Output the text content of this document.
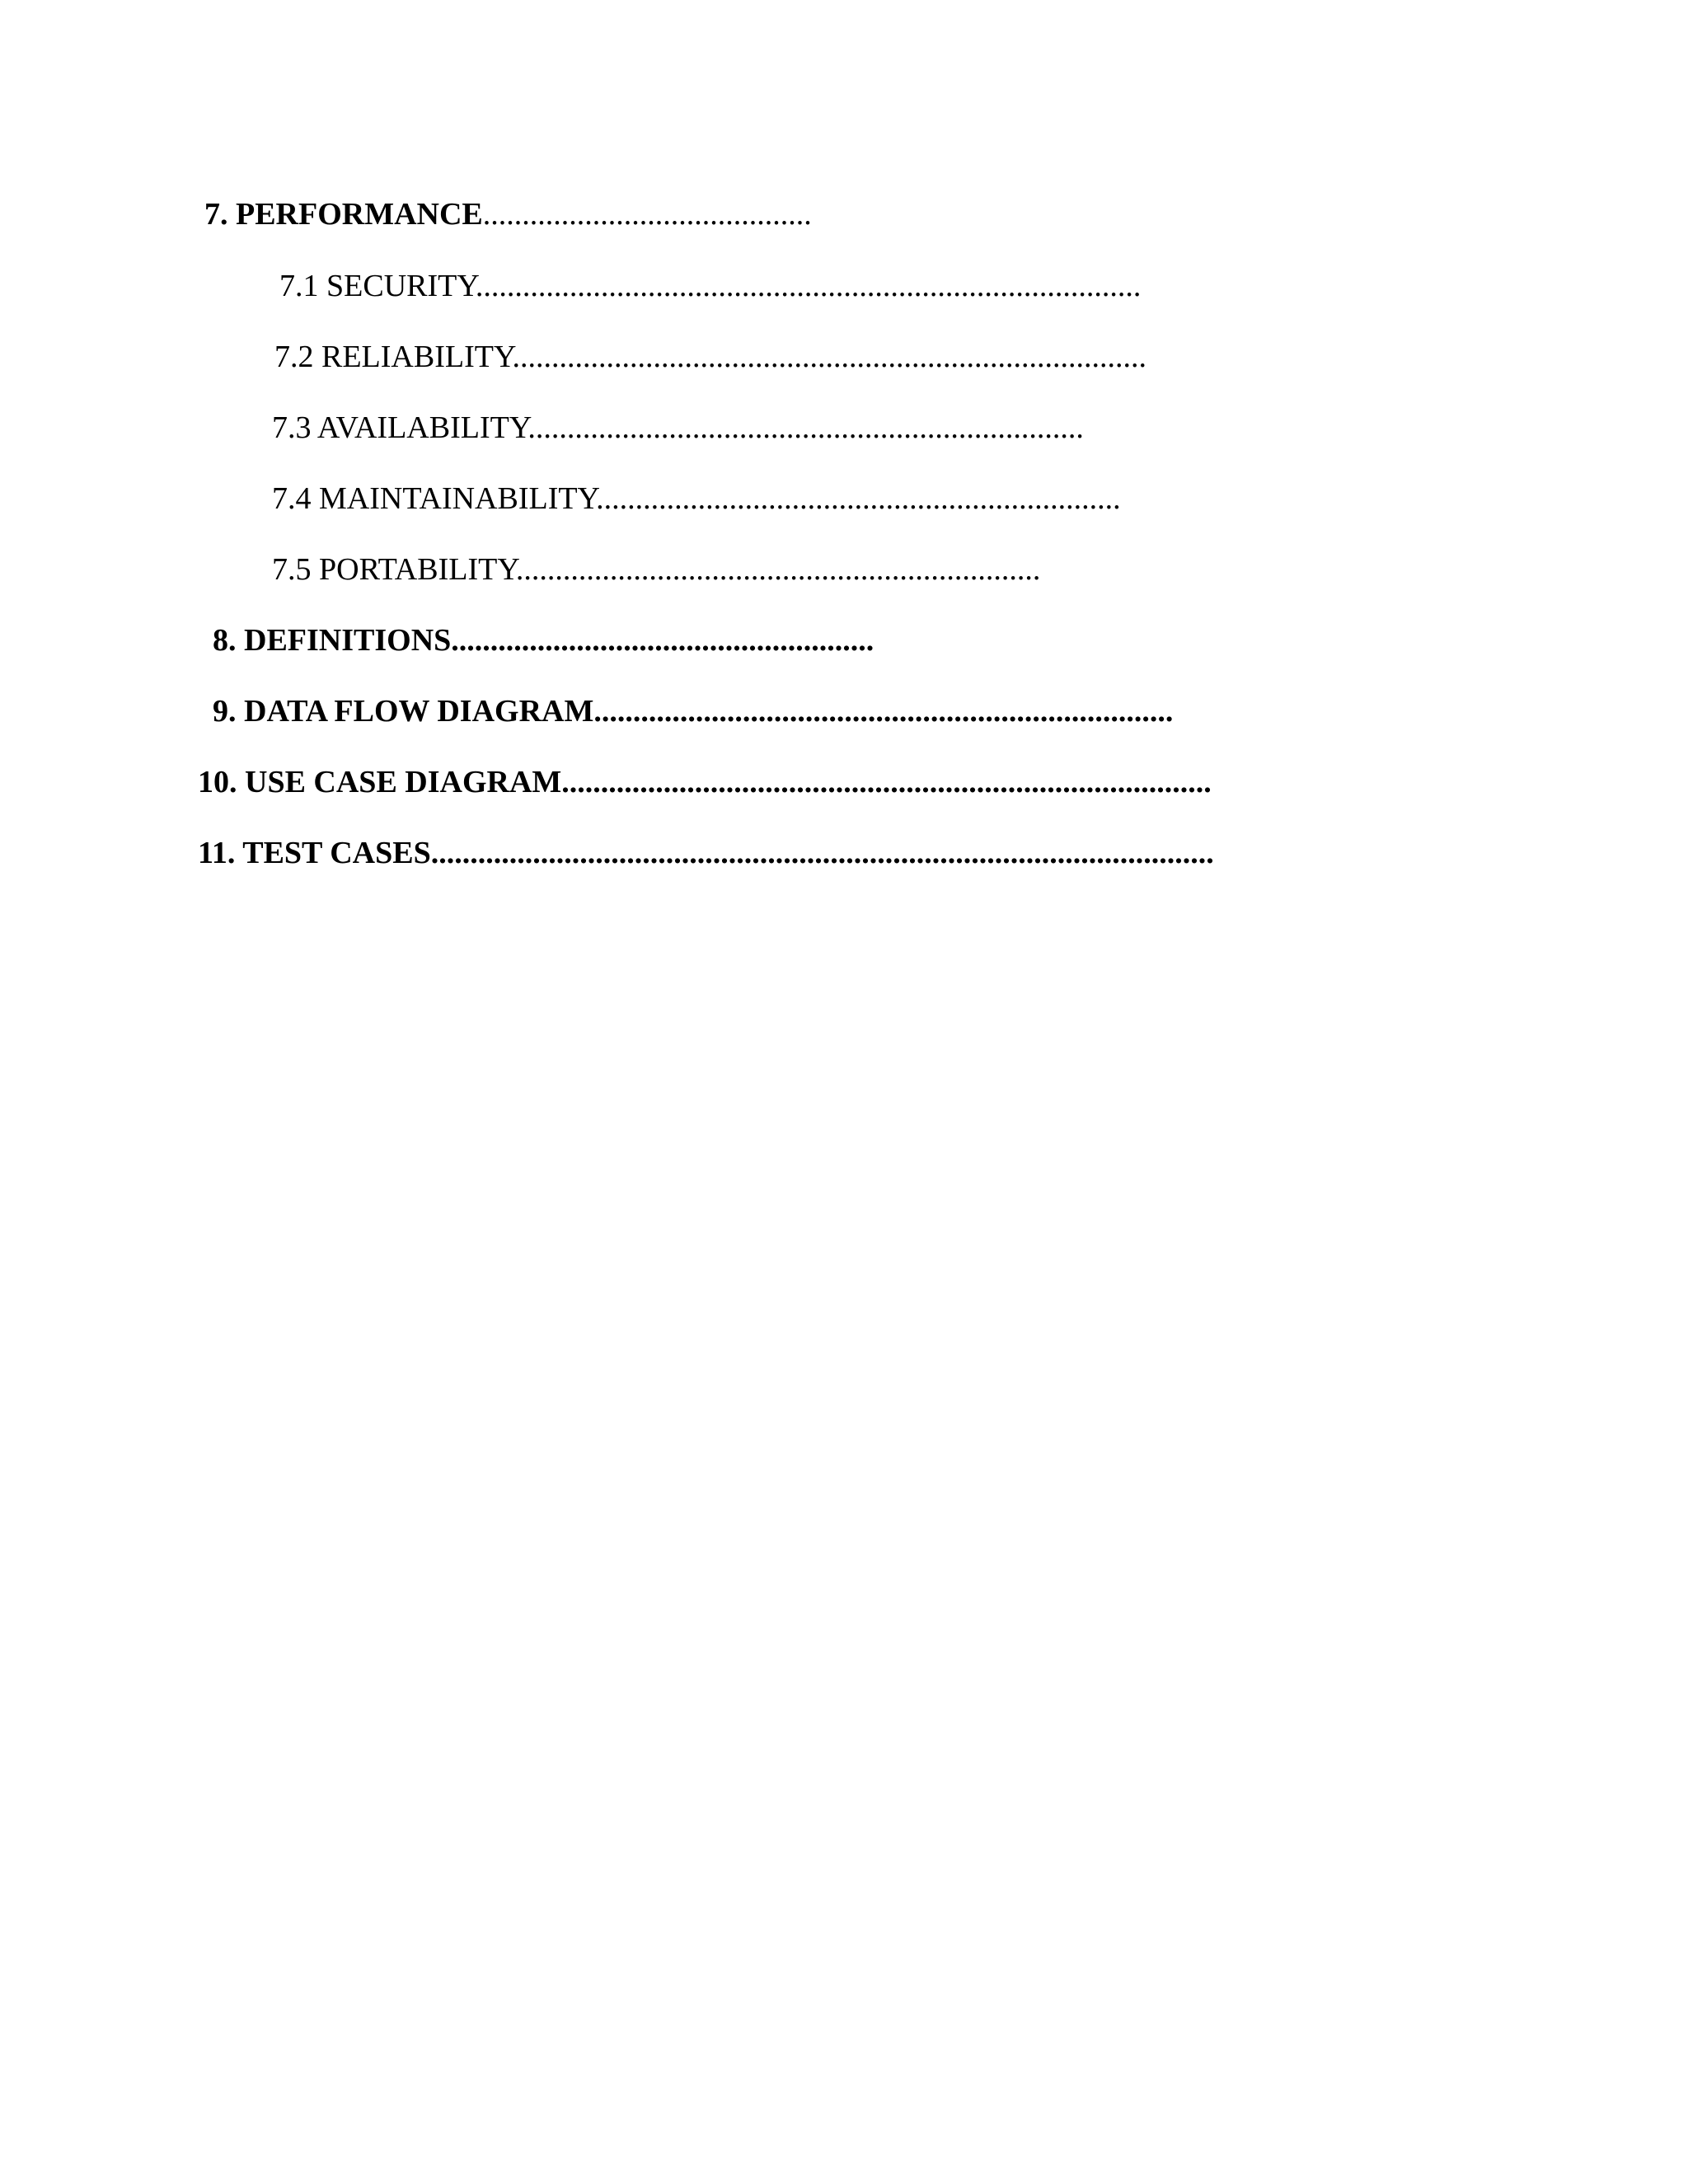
7. PERFORMANCE..........................................
7.1 SECURITY.....................................................................................
7.2 RELIABILITY.................................................................................
7.3 AVAILABILITY.......................................................................
7.4 MAINTAINABILITY...................................................................
7.5 PORTABILITY...................................................................
8. DEFINITIONS......................................................
9. DATA FLOW DIAGRAM..........................................................................
10. USE CASE DIAGRAM...................................................................................
11. TEST CASES....................................................................................................
